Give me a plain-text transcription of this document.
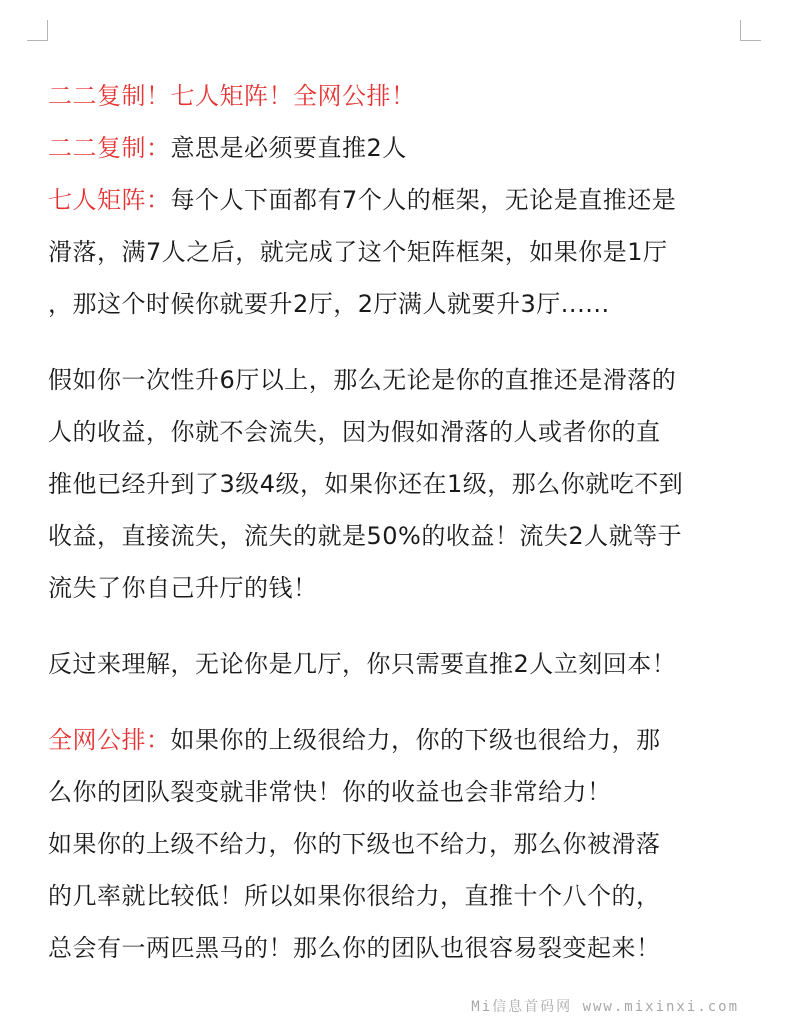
二二复制！七人矩阵！全网公排！
二二复制：意思是必须要直推2人
七人矩阵：每个人下面都有7个人的框架，无论是直推还是
滑落，满7人之后，就完成了这个矩阵框架，如果你是1厅
，那这个时候你就要升2厅，2厅满人就要升3厅......
假如你一次性升6厅以上，那么无论是你的直推还是滑落的
人的收益，你就不会流失，因为假如滑落的人或者你的直
推他已经升到了3级4级，如果你还在1级，那么你就吃不到
收益，直接流失，流失的就是50%的收益！流失2人就等于
流失了你自己升厅的钱！
反过来理解，无论你是几厅，你只需要直推2人立刻回本！
全网公排：如果你的上级很给力，你的下级也很给力，那
么你的团队裂变就非常快！你的收益也会非常给力！
如果你的上级不给力，你的下级也不给力，那么你被滑落
的几率就比较低！所以如果你很给力，直推十个八个的，
总会有一两匹黑马的！那么你的团队也很容易裂变起来！
Mi信息首码网 www.mixinxi.com
